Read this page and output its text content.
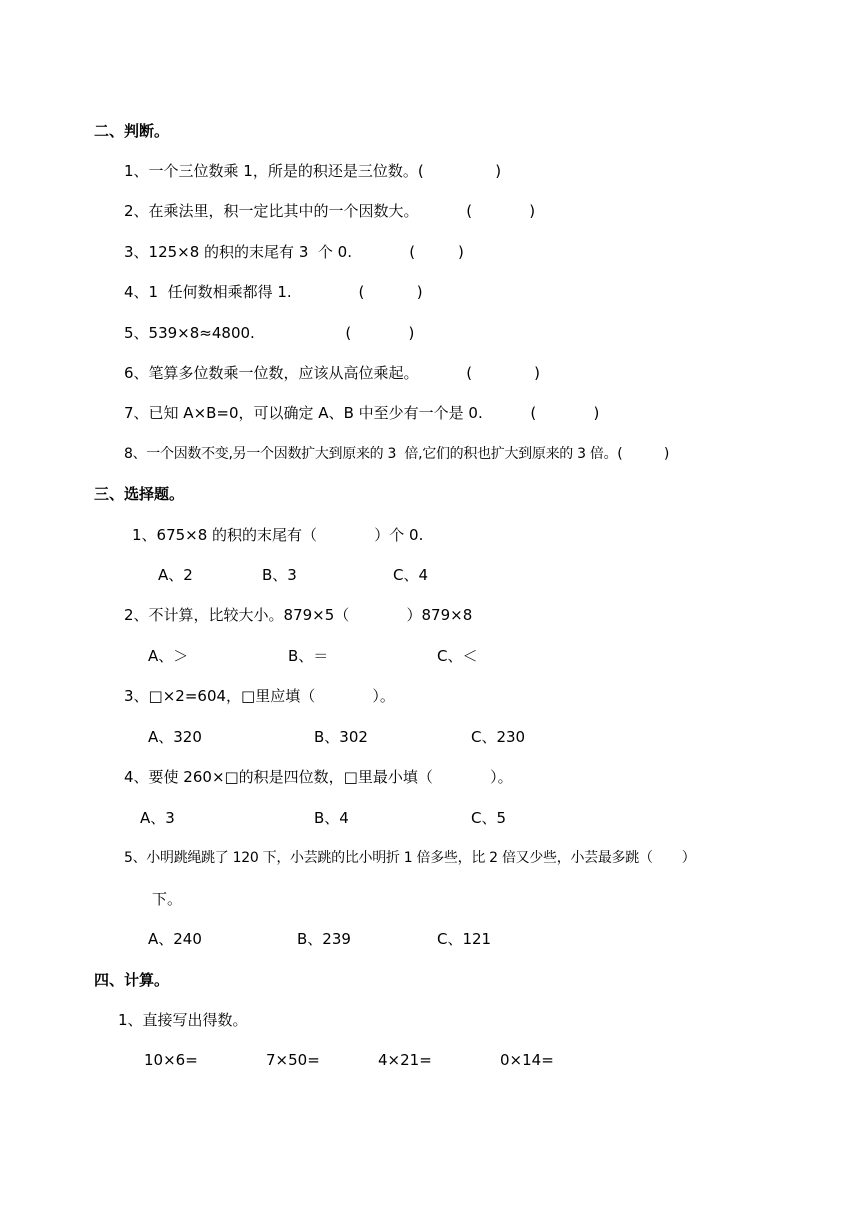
二、判断。
1、一个三位数乘 1，所是的积还是三位数。(               )
2、在乘法里，积一定比其中的一个因数大。          (            )
3、125×8 的积的末尾有 3  个 0.            (         )
4、1  任何数相乘都得 1.              (           )
5、539×8≈4800.                   (            )
6、笔算多位数乘一位数，应该从高位乘起。          (             )
7、已知 A×B=0，可以确定 A、B 中至少有一个是 0.          (            )
8、一个因数不变,另一个因数扩大到原来的 3  倍,它们的积也扩大到原来的 3 倍。(          )
三、选择题。
1、675×8 的积的末尾有（            ）个 0.
A、2	B、3	C、4
2、不计算，比较大小。879×5（            ）879×8
A、＞	B、＝	C、＜
3、□×2=604，□里应填（            ）。
A、320	B、302	C、230
4、要使 260×□的积是四位数，□里最小填（            ）。
A、3	B、4	C、5
5、小明跳绳跳了 120 下，小芸跳的比小明折 1 倍多些，比 2 倍又少些，小芸最多跳（       ）
下。
A、240	B、239	C、121
四、计算。
1、直接写出得数。
10×6=	7×50=	4×21=	0×14=
